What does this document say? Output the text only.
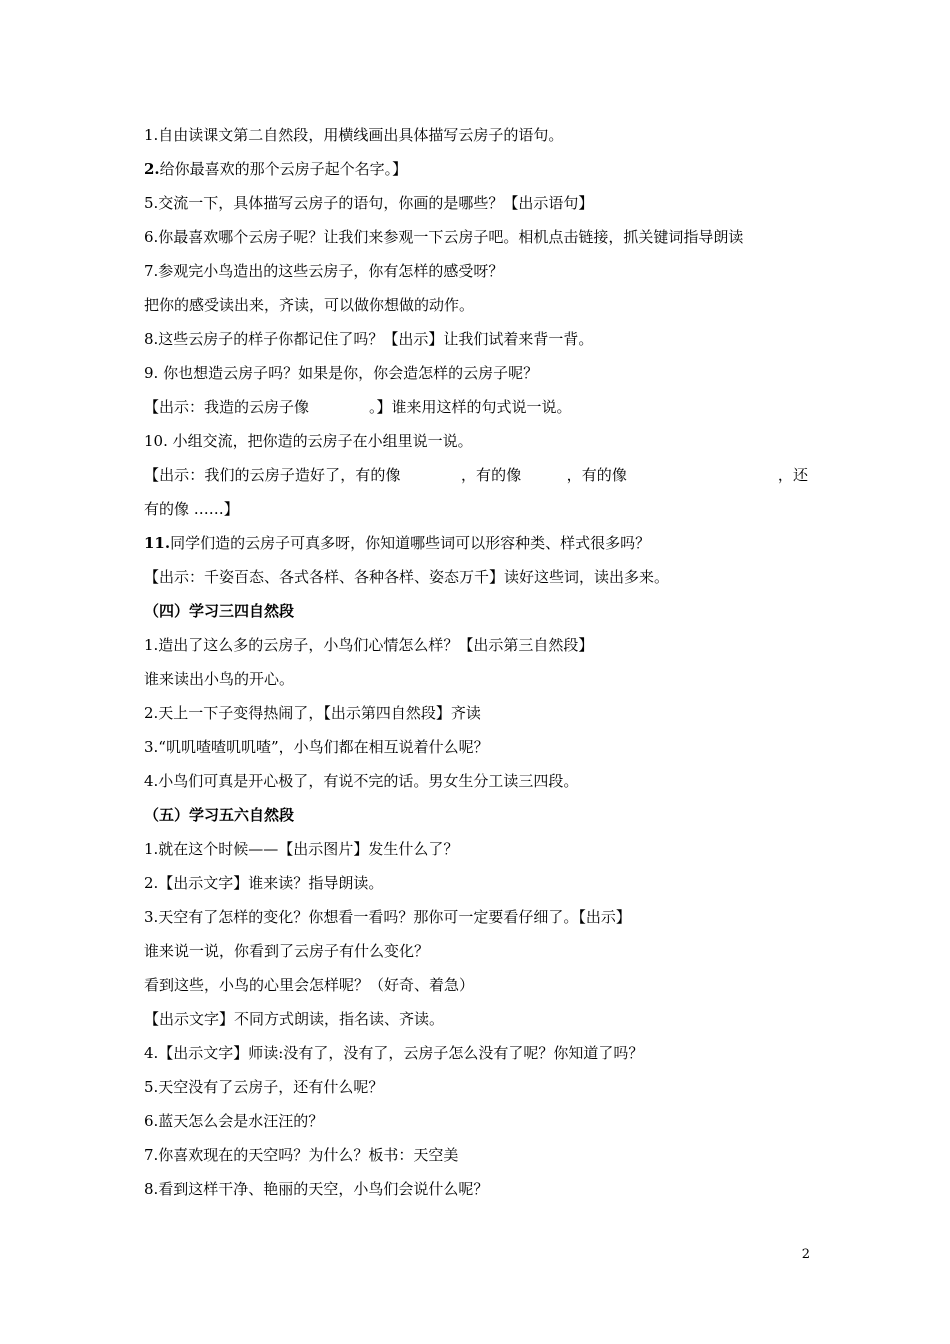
1.自由读课文第二自然段，用横线画出具体描写云房子的语句。
2.给你最喜欢的那个云房子起个名字。】
5.交流一下，具体描写云房子的语句，你画的是哪些？【出示语句】
6.你最喜欢哪个云房子呢？让我们来参观一下云房子吧。相机点击链接，抓关键词指导朗读
7.参观完小鸟造出的这些云房子，你有怎样的感受呀？
把你的感受读出来，齐读，可以做你想做的动作。
8.这些云房子的样子你都记住了吗？【出示】让我们试着来背一背。
9. 你也想造云房子吗？如果是你，你会造怎样的云房子呢？
【出示：我造的云房子像　　　　。】谁来用这样的句式说一说。
10. 小组交流，把你造的云房子在小组里说一说。
【出示：我们的云房子造好了，有的像　　　　，有的像　　　，有的像　　　　　　　　　　，还有的像 ……】
11.同学们造的云房子可真多呀，你知道哪些词可以形容种类、样式很多吗？
【出示：千姿百态、各式各样、各种各样、姿态万千】读好这些词，读出多来。
（四）学习三四自然段
1.造出了这么多的云房子，小鸟们心情怎么样？【出示第三自然段】
谁来读出小鸟的开心。
2.天上一下子变得热闹了，【出示第四自然段】齐读
3.“叽叽喳喳叽叽喳”，小鸟们都在相互说着什么呢？
4.小鸟们可真是开心极了，有说不完的话。男女生分工读三四段。
（五）学习五六自然段
1.就在这个时候——【出示图片】发生什么了？
2.【出示文字】谁来读？指导朗读。
3.天空有了怎样的变化？你想看一看吗？那你可一定要看仔细了。【出示】
谁来说一说，你看到了云房子有什么变化？
看到这些，小鸟的心里会怎样呢？（好奇、着急）
【出示文字】不同方式朗读，指名读、齐读。
4.【出示文字】师读:没有了，没有了，云房子怎么没有了呢？你知道了吗？
5.天空没有了云房子，还有什么呢？
6.蓝天怎么会是水汪汪的？
7.你喜欢现在的天空吗？为什么？板书：天空美
8.看到这样干净、艳丽的天空，小鸟们会说什么呢？
2
